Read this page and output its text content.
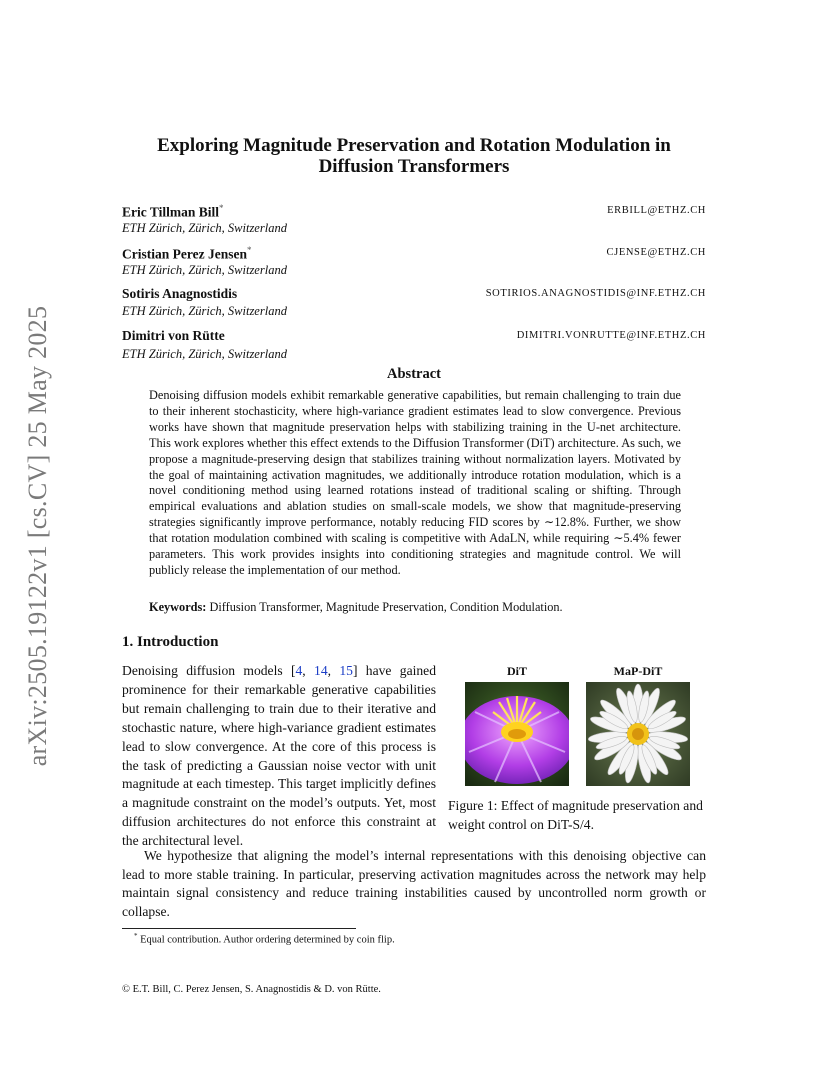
arXiv:2505.19122v1 [cs.CV] 25 May 2025
Exploring Magnitude Preservation and Rotation Modulation in Diffusion Transformers
Eric Tillman Bill*
ETH Zürich, Zürich, Switzerland
ERBILL@ETHZ.CH
Cristian Perez Jensen*
ETH Zürich, Zürich, Switzerland
CJENSE@ETHZ.CH
Sotiris Anagnostidis
ETH Zürich, Zürich, Switzerland
SOTIRIOS.ANAGNOSTIDIS@INF.ETHZ.CH
Dimitri von Rütte
ETH Zürich, Zürich, Switzerland
DIMITRI.VONRUTTE@INF.ETHZ.CH
Abstract
Denoising diffusion models exhibit remarkable generative capabilities, but remain challenging to train due to their inherent stochasticity, where high-variance gradient estimates lead to slow convergence. Previous works have shown that magnitude preservation helps with stabilizing training in the U-net architecture. This work explores whether this effect extends to the Diffusion Transformer (DiT) architecture. As such, we propose a magnitude-preserving design that stabilizes training without normalization layers. Motivated by the goal of maintaining activation magnitudes, we additionally introduce rotation modulation, which is a novel conditioning method using learned rotations instead of traditional scaling or shifting. Through empirical evaluations and ablation studies on small-scale models, we show that magnitude-preserving strategies significantly improve performance, notably reducing FID scores by ∼12.8%. Further, we show that rotation modulation combined with scaling is competitive with AdaLN, while requiring ∼5.4% fewer parameters. This work provides insights into conditioning strategies and magnitude control. We will publicly release the implementation of our method.
Keywords: Diffusion Transformer, Magnitude Preservation, Condition Modulation.
1. Introduction
Denoising diffusion models [4, 14, 15] have gained prominence for their remarkable generative capabilities but remain challenging to train due to their iterative and stochastic nature, where high-variance gradient estimates lead to slow convergence. At the core of this process is the task of predicting a Gaussian noise vector with unit magnitude at each timestep. This target implicitly defines a magnitude constraint on the model’s outputs. Yet, most diffusion architectures do not enforce this constraint at the architectural level.
DiT	MaP-DiT
Figure 1: Effect of magnitude preservation and weight control on DiT-S/4.
We hypothesize that aligning the model’s internal representations with this denoising objective can lead to more stable training. In particular, preserving activation magnitudes across the network may help maintain signal consistency and reduce training instabilities caused by uncontrolled norm growth or collapse.
* Equal contribution. Author ordering determined by coin flip.
© E.T. Bill, C. Perez Jensen, S. Anagnostidis & D. von Rütte.
